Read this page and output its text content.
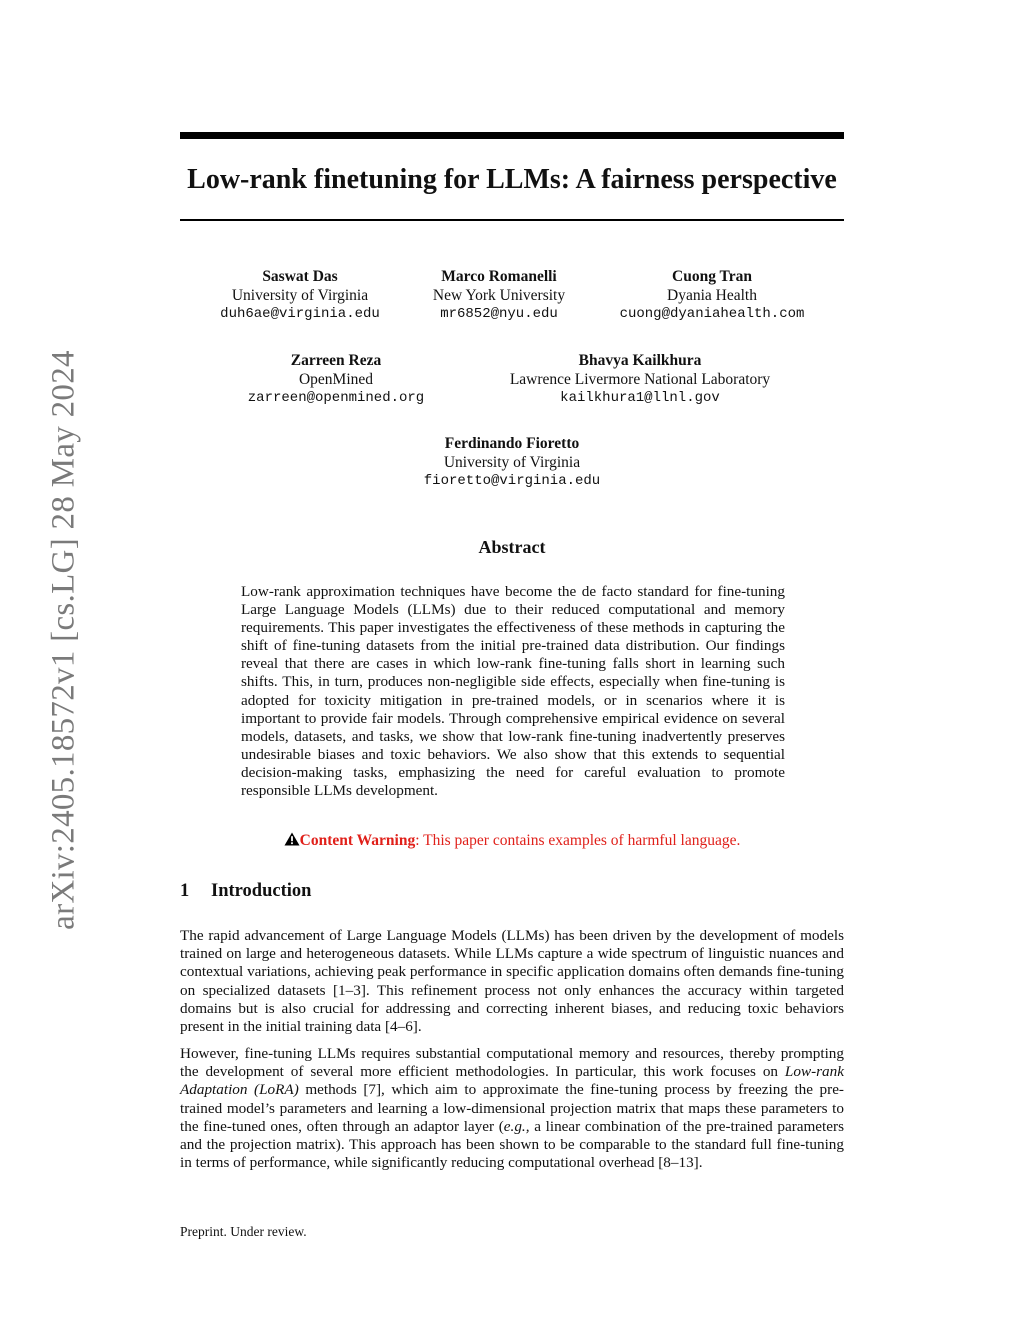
arXiv:2405.18572v1 [cs.LG] 28 May 2024
Low-rank finetuning for LLMs: A fairness perspective
Saswat Das
University of Virginia
duh6ae@virginia.edu
Marco Romanelli
New York University
mr6852@nyu.edu
Cuong Tran
Dyania Health
cuong@dyaniahealth.com
Zarreen Reza
OpenMined
zarreen@openmined.org
Bhavya Kailkhura
Lawrence Livermore National Laboratory
kailkhura1@llnl.gov
Ferdinando Fioretto
University of Virginia
fioretto@virginia.edu
Abstract

Low-rank approximation techniques have become the de facto standard for fine-tuning Large Language Models (LLMs) due to their reduced computational and memory requirements. This paper investigates the effectiveness of these methods in capturing the shift of fine-tuning datasets from the initial pre-trained data distribution. Our findings reveal that there are cases in which low-rank fine-tuning falls short in learning such shifts. This, in turn, produces non-negligible side effects, especially when fine-tuning is adopted for toxicity mitigation in pre-trained models, or in scenarios where it is important to provide fair models. Through comprehensive empirical evidence on several models, datasets, and tasks, we show that low-rank fine-tuning inadvertently preserves undesirable biases and toxic behaviors. We also show that this extends to sequential decision-making tasks, emphasizing the need for careful evaluation to promote responsible LLMs development.

Content Warning: This paper contains examples of harmful language.
1 Introduction

The rapid advancement of Large Language Models (LLMs) has been driven by the development of models trained on large and heterogeneous datasets. While LLMs capture a wide spectrum of linguistic nuances and contextual variations, achieving peak performance in specific application domains often demands fine-tuning on specialized datasets [1–3]. This refinement process not only enhances the accuracy within targeted domains but is also crucial for addressing and correcting inherent biases, and reducing toxic behaviors present in the initial training data [4–6].

However, fine-tuning LLMs requires substantial computational memory and resources, thereby prompting the development of several more efficient methodologies. In particular, this work focuses on Low-rank Adaptation (LoRA) methods [7], which aim to approximate the fine-tuning process by freezing the pre-trained model’s parameters and learning a low-dimensional projection matrix that maps these parameters to the fine-tuned ones, often through an adaptor layer (e.g., a linear combination of the pre-trained parameters and the projection matrix). This approach has been shown to be comparable to the standard full fine-tuning in terms of performance, while significantly reducing computational overhead [8–13].

Preprint. Under review.
